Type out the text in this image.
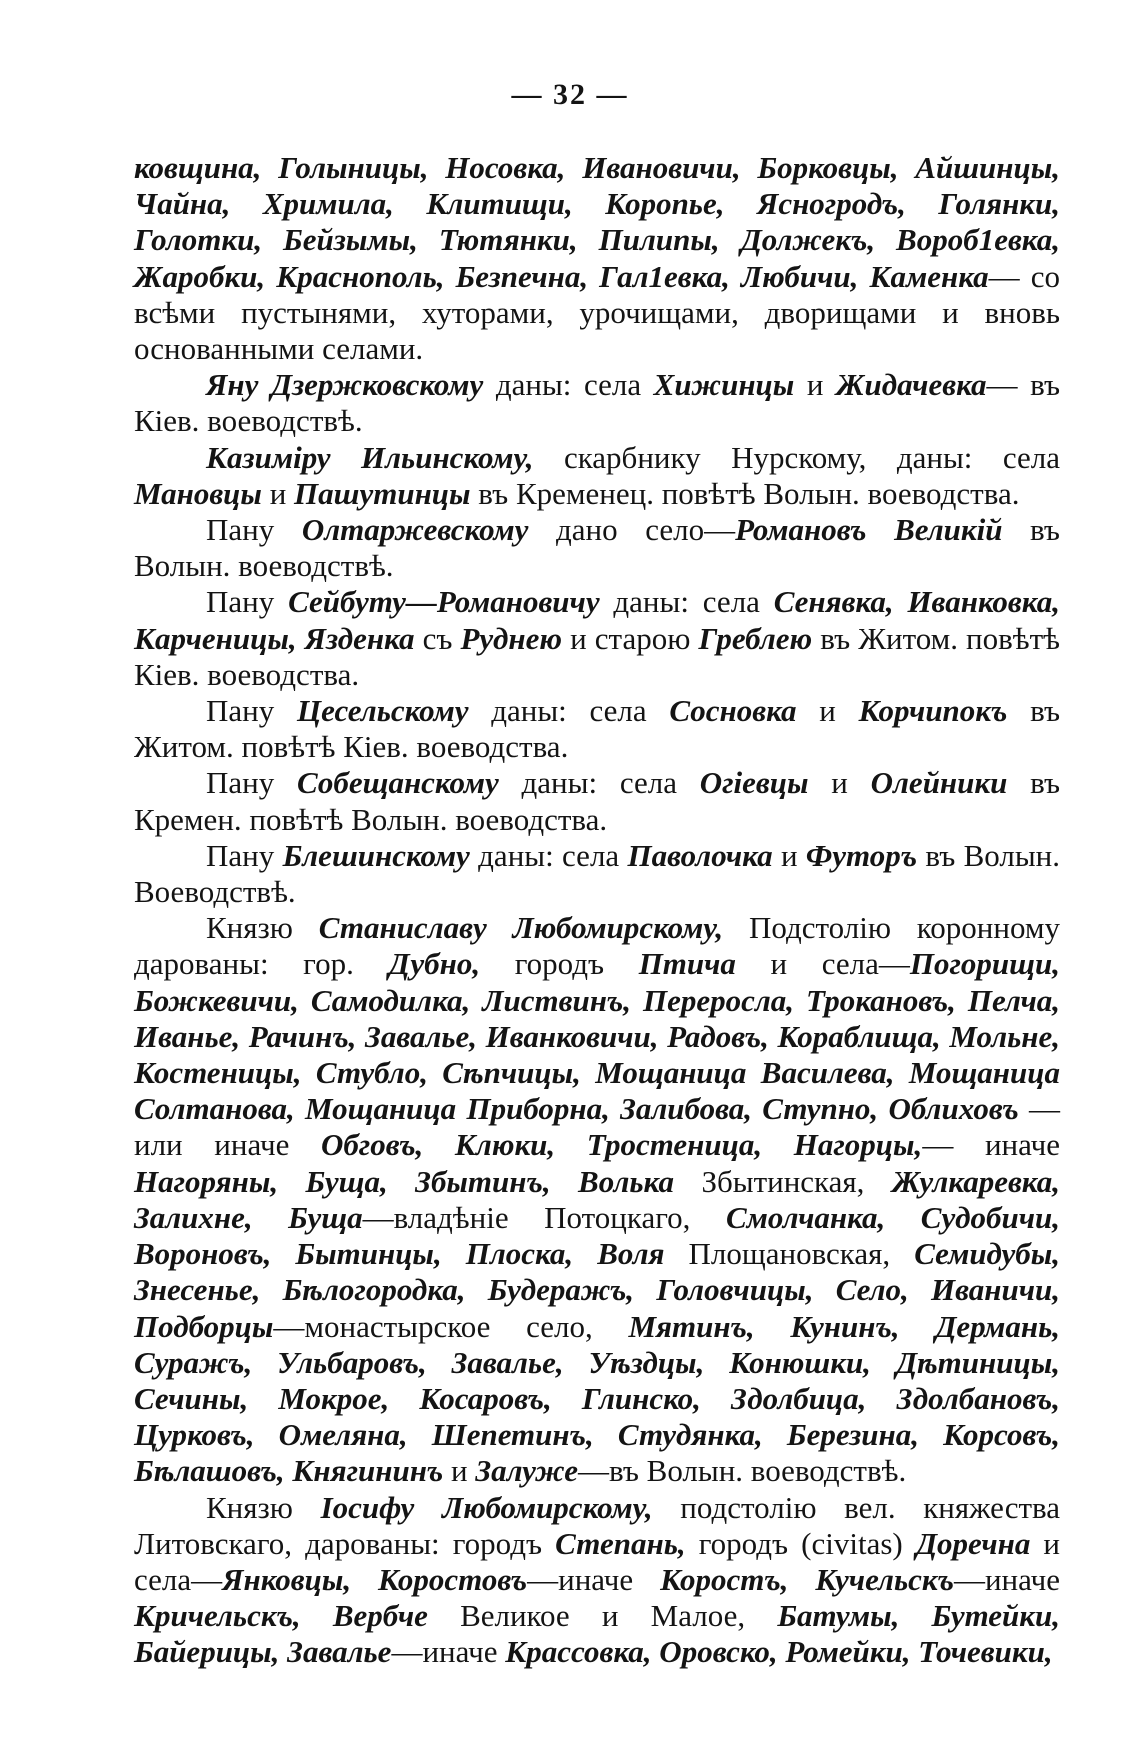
— 32 —

ковщина, Голыницы, Носовка, Ивановичи, Борковцы, Айшинцы, Чайна, Хримила, Клитищи, Коропье, Ясногродъ, Голянки, Голотки, Бейзымы, Тютянки, Пилипы, Должекъ, Вороб1евка, Жаробки, Краснополь, Безпечна, Гал1евка, Любичи, Каменка— со всѣми пустынями, хуторами, урочищами, дворищами и вновь основанными селами.

Яну Дзержковскому даны: села Хижинцы и Жидачевка— въ Кiев. воеводствѣ.

Казимiру Ильинскому, скарбнику Нурскому, даны: села Мановцы и Пашутинцы въ Кременец. повѣтѣ Волын. воеводства.

Пану Олтаржевскому дано село—Романовъ Великiй въ Волын. воеводствѣ.

Пану Сейбуту—Романовичу даны: села Сенявка, Иванковка, Карченицы, Язденка съ Руднею и старою Греблею въ Житом. повѣтѣ Кiев. воеводства.

Пану Цесельскому даны: села Сосновка и Корчипокъ въ Житом. повѣтѣ Кiев. воеводства.

Пану Собещанскому даны: села Огiевцы и Олейники въ Кремен. повѣтѣ Волын. воеводства.

Пану Блешинскому даны: села Паволочка и Футоръ въ Волын. Воеводствѣ.

Князю Станиславу Любомирскому, Подстолiю коронному дарованы: гор. Дубно, городъ Птича и села—Погорищи, Божкевичи, Самодилка, Листвинъ, Переросла, Трокановъ, Пелча, Иванье, Рачинъ, Завалье, Иванковичи, Радовъ, Кораблища, Мольне, Костеницы, Стубло, Сѣпчицы, Мощаница Василева, Мощаница Солтанова, Мощаница Приборна, Залибова, Ступно, Облиховъ —или иначе Обговъ, Клюки, Тростеница, Нагорцы,— иначе Нагоряны, Буща, Збытинъ, Волька Збытинская, Жулкаревка, Залихне, Буща—владѣнiе Потоцкаго, Смолчанка, Судобичи, Вороновъ, Бытинцы, Плоска, Воля Площановская, Семидубы, Знесенье, Бѣлогородка, Будеражъ, Головчицы, Село, Иваничи, Подборцы—монастырское село, Мятинъ, Кунинъ, Дермань, Суражъ, Ульбаровъ, Завалье, Уѣздцы, Конюшки, Дѣтиницы, Сечины, Мокрое, Косаровъ, Глинско, Здолбица, Здолбановъ, Цурковъ, Омелянa, Шепетинъ, Студянка, Березина, Корсовъ, Бѣлашовъ, Княгининъ и Залуже—въ Волын. воеводствѣ.

Князю Iосифу Любомирскому, подстолiю вел. княжества Литовскаго, дарованы: городъ Степань, городъ (civitas) Доречна и села—Янковцы, Коростовъ—иначе Коростъ, Кучельскъ—иначе Кричельскъ, Вербче Великое и Малое, Батумы, Бутейки, Байерицы, Завалье—иначе Крассовка, Оровско, Ромейки, Точевики,
